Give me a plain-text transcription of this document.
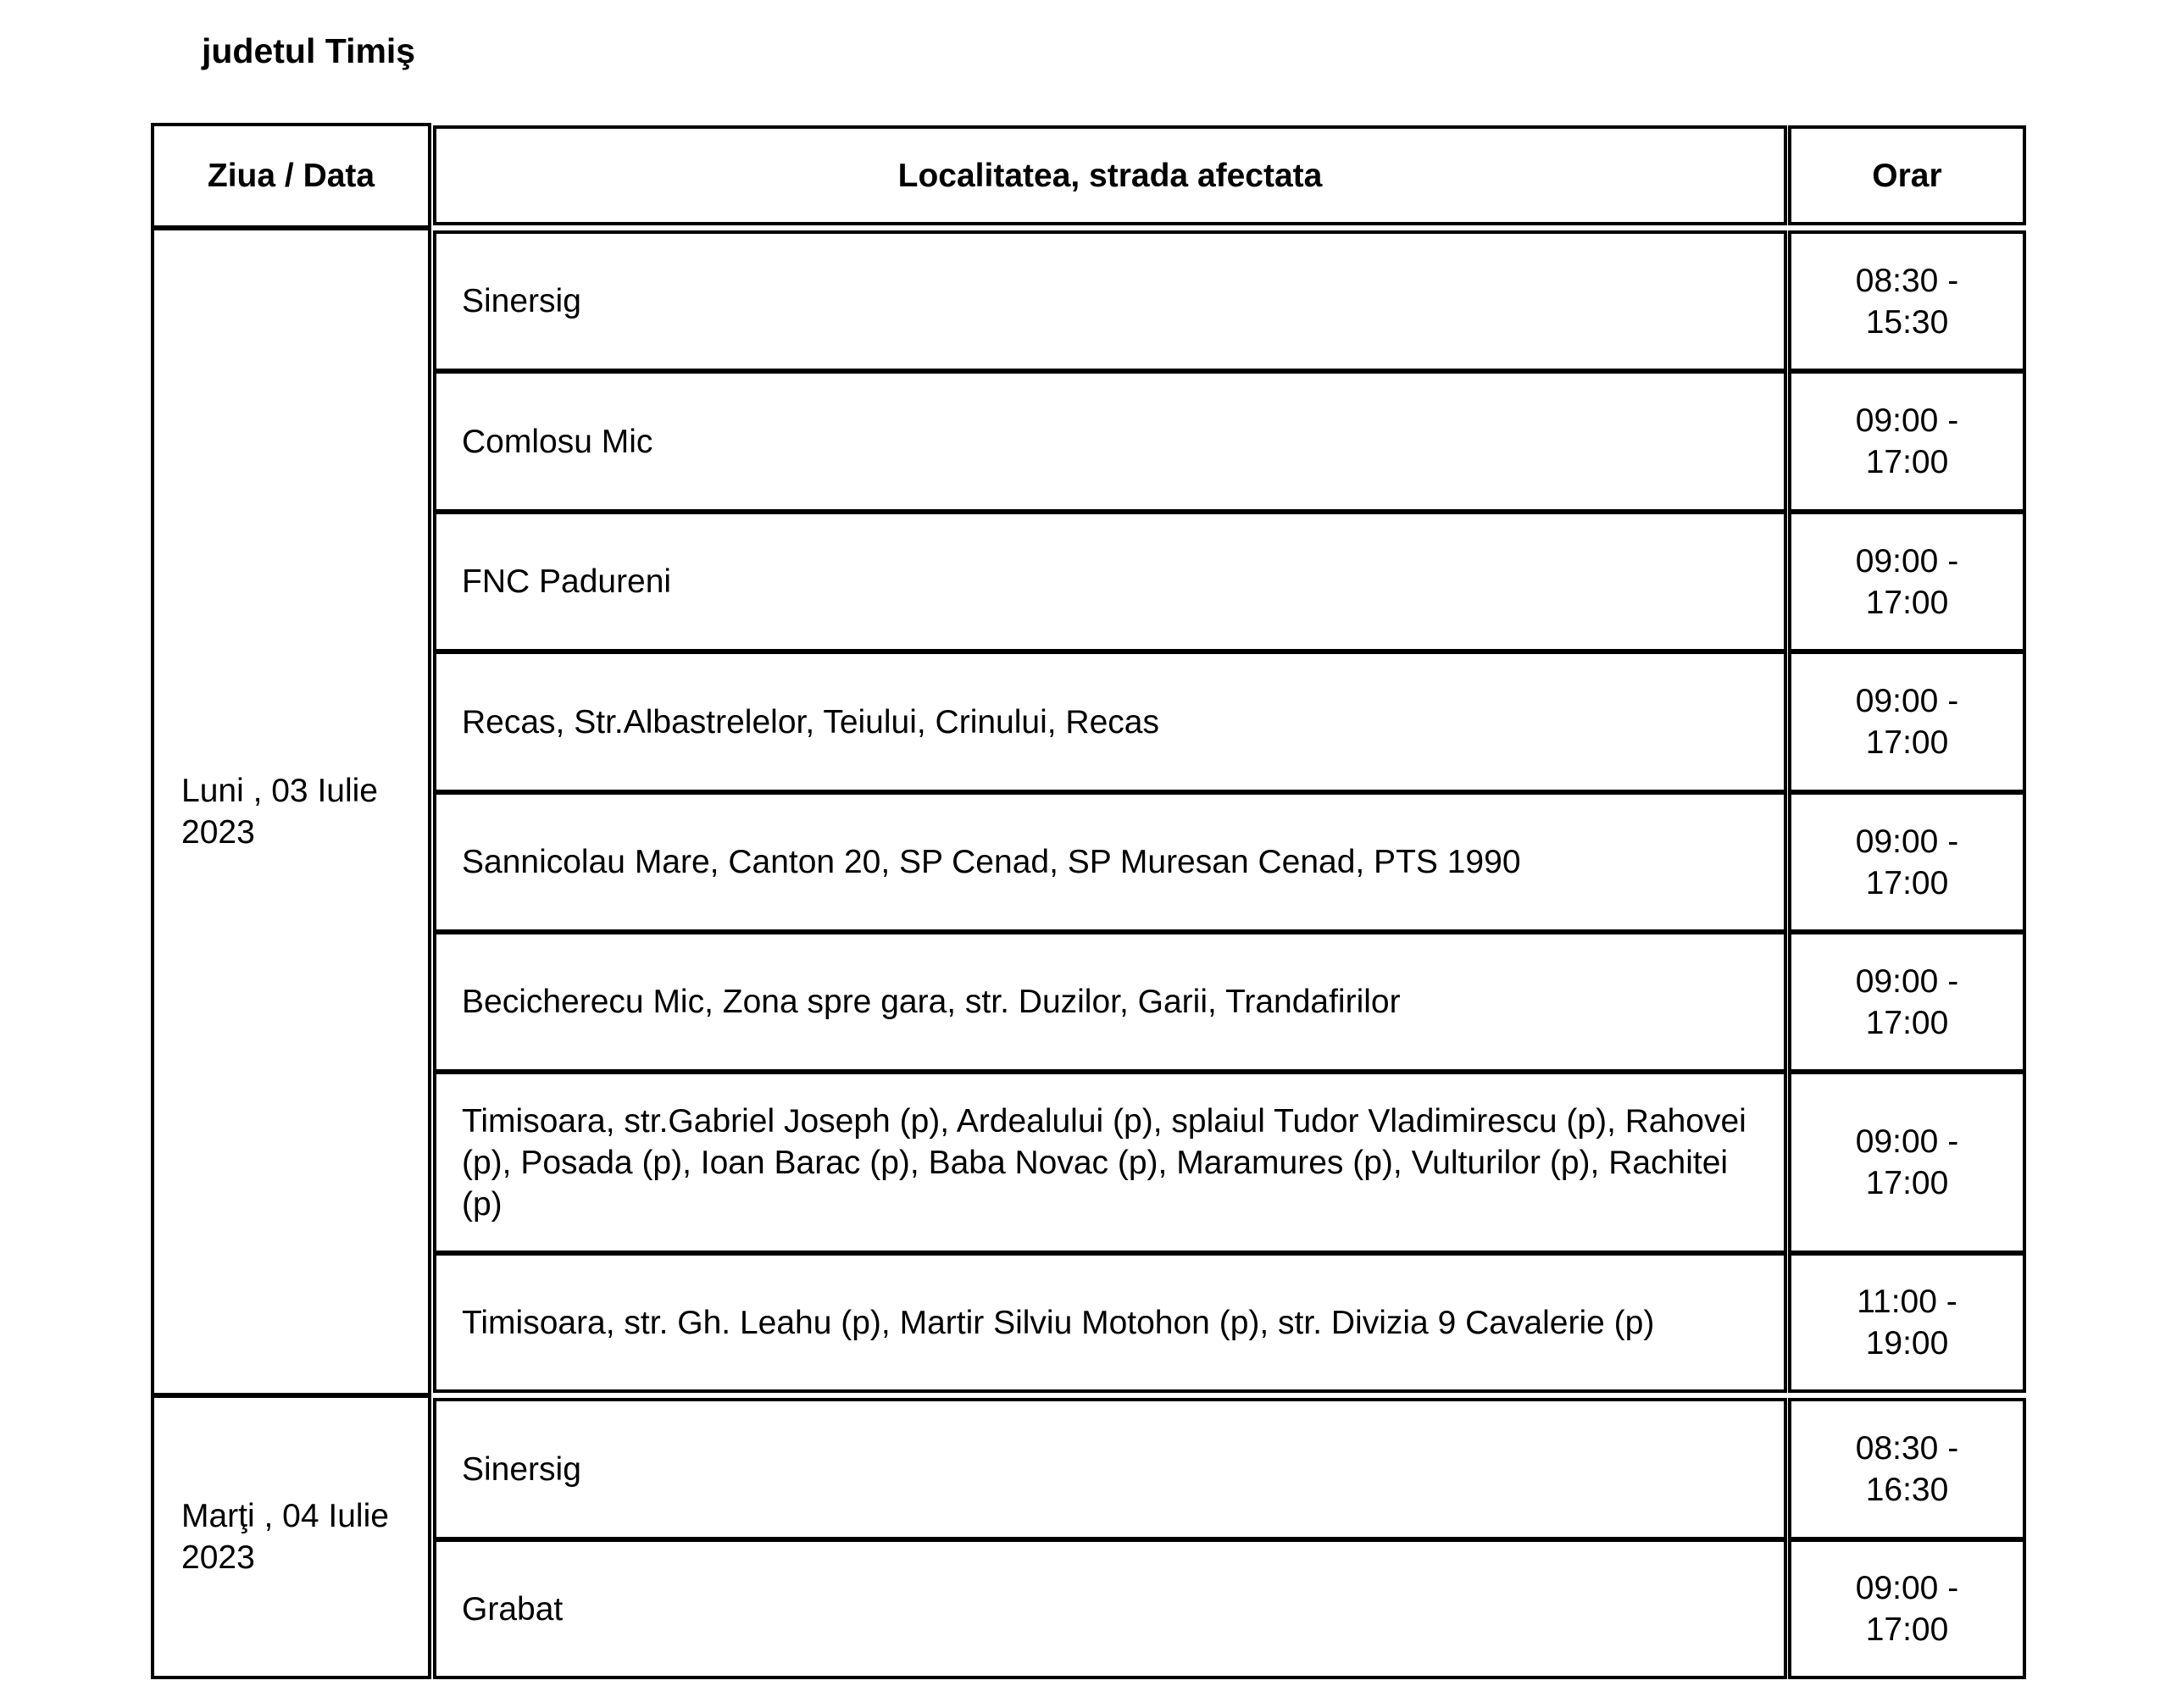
judetul Timiş
Ziua / Data	Localitatea, strada afectata	Orar
Luni , 03 Iulie 2023
Sinersig
08:30 - 15:30
Comlosu Mic
09:00 - 17:00
FNC Padureni
09:00 - 17:00
Recas, Str.Albastrelelor, Teiului, Crinului, Recas
09:00 - 17:00
Sannicolau Mare, Canton 20, SP Cenad, SP Muresan Cenad, PTS 1990
09:00 - 17:00
Becicherecu Mic, Zona spre gara, str. Duzilor, Garii, Trandafirilor
09:00 - 17:00
Timisoara, str.Gabriel Joseph (p), Ardealului (p), splaiul Tudor Vladimirescu (p), Rahovei (p), Posada (p), Ioan Barac (p), Baba Novac (p), Maramures (p), Vulturilor (p), Rachitei (p)
09:00 - 17:00
Timisoara, str. Gh. Leahu (p), Martir Silviu Motohon (p), str. Divizia 9 Cavalerie (p)
11:00 - 19:00
Marţi , 04 Iulie 2023
Sinersig
08:30 - 16:30
Grabat
09:00 - 17:00
